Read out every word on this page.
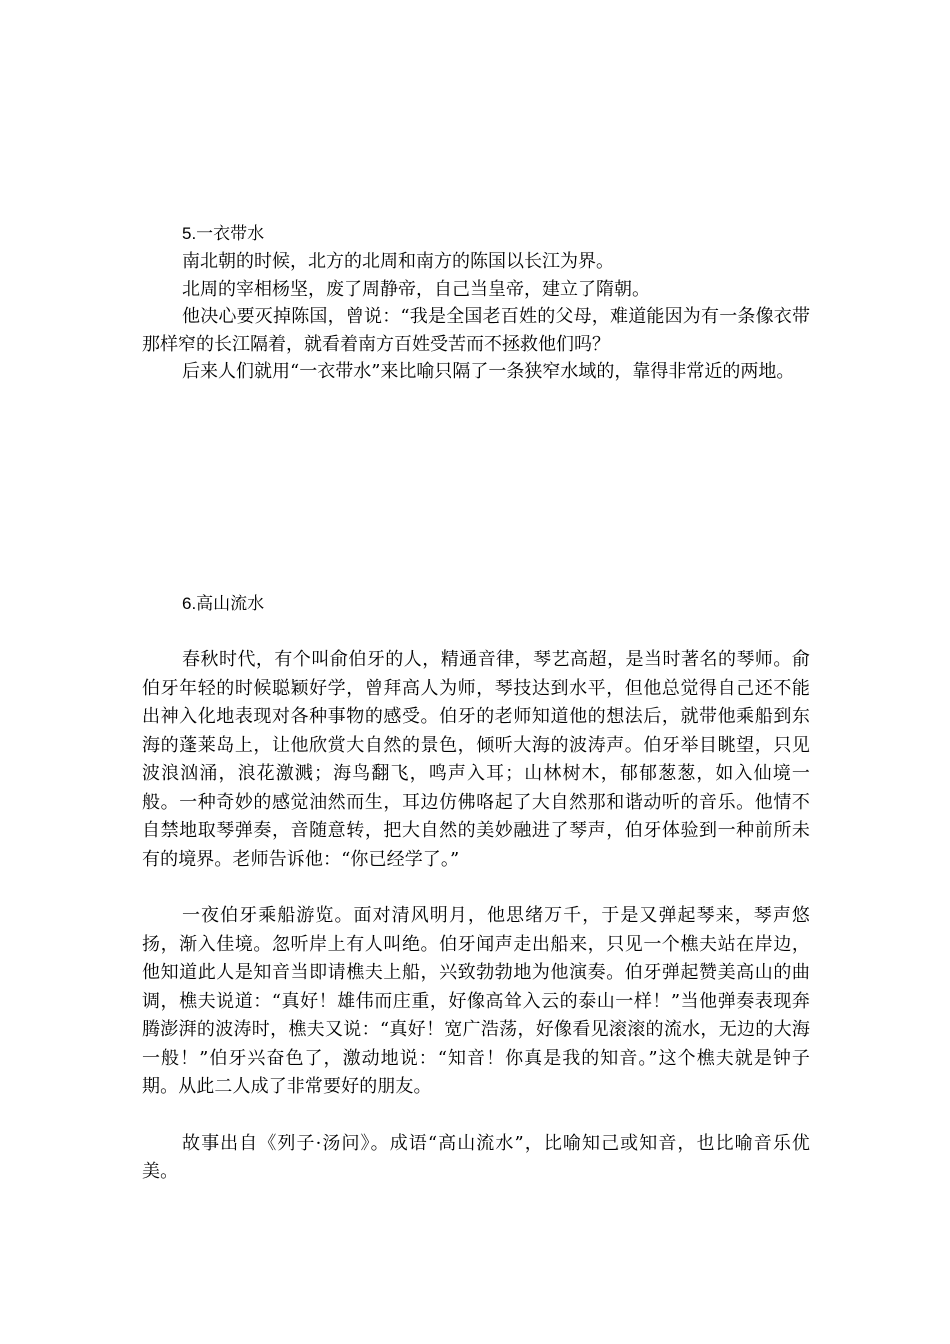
5.一衣带水

南北朝的时候，北方的北周和南方的陈国以长江为界。

北周的宰相杨坚，废了周静帝，自己当皇帝，建立了隋朝。

他决心要灭掉陈国，曾说：“我是全国老百姓的父母，难道能因为有一条像衣带那样窄的长江隔着，就看着南方百姓受苦而不拯救他们吗？

后来人们就用“一衣带水”来比喻只隔了一条狭窄水域的，靠得非常近的两地。

6.高山流水

春秋时代，有个叫俞伯牙的人，精通音律，琴艺高超，是当时著名的琴师。俞伯牙年轻的时候聪颖好学，曾拜高人为师，琴技达到水平，但他总觉得自己还不能出神入化地表现对各种事物的感受。伯牙的老师知道他的想法后，就带他乘船到东海的蓬莱岛上，让他欣赏大自然的景色，倾听大海的波涛声。伯牙举目眺望，只见波浪汹涌，浪花激溅；海鸟翻飞，鸣声入耳；山林树木，郁郁葱葱，如入仙境一般。一种奇妙的感觉油然而生，耳边仿佛咯起了大自然那和谐动听的音乐。他情不自禁地取琴弹奏，音随意转，把大自然的美妙融进了琴声，伯牙体验到一种前所未有的境界。老师告诉他：“你已经学了。”

一夜伯牙乘船游览。面对清风明月，他思绪万千，于是又弹起琴来，琴声悠扬，渐入佳境。忽听岸上有人叫绝。伯牙闻声走出船来，只见一个樵夫站在岸边，他知道此人是知音当即请樵夫上船，兴致勃勃地为他演奏。伯牙弹起赞美高山的曲调，樵夫说道：“真好！雄伟而庄重，好像高耸入云的泰山一样！”当他弹奏表现奔腾澎湃的波涛时，樵夫又说：“真好！宽广浩荡，好像看见滚滚的流水，无边的大海一般！”伯牙兴奋色了，激动地说：“知音！你真是我的知音。”这个樵夫就是钟子期。从此二人成了非常要好的朋友。

故事出自《列子·汤问》。成语“高山流水”，比喻知己或知音，也比喻音乐优美。
